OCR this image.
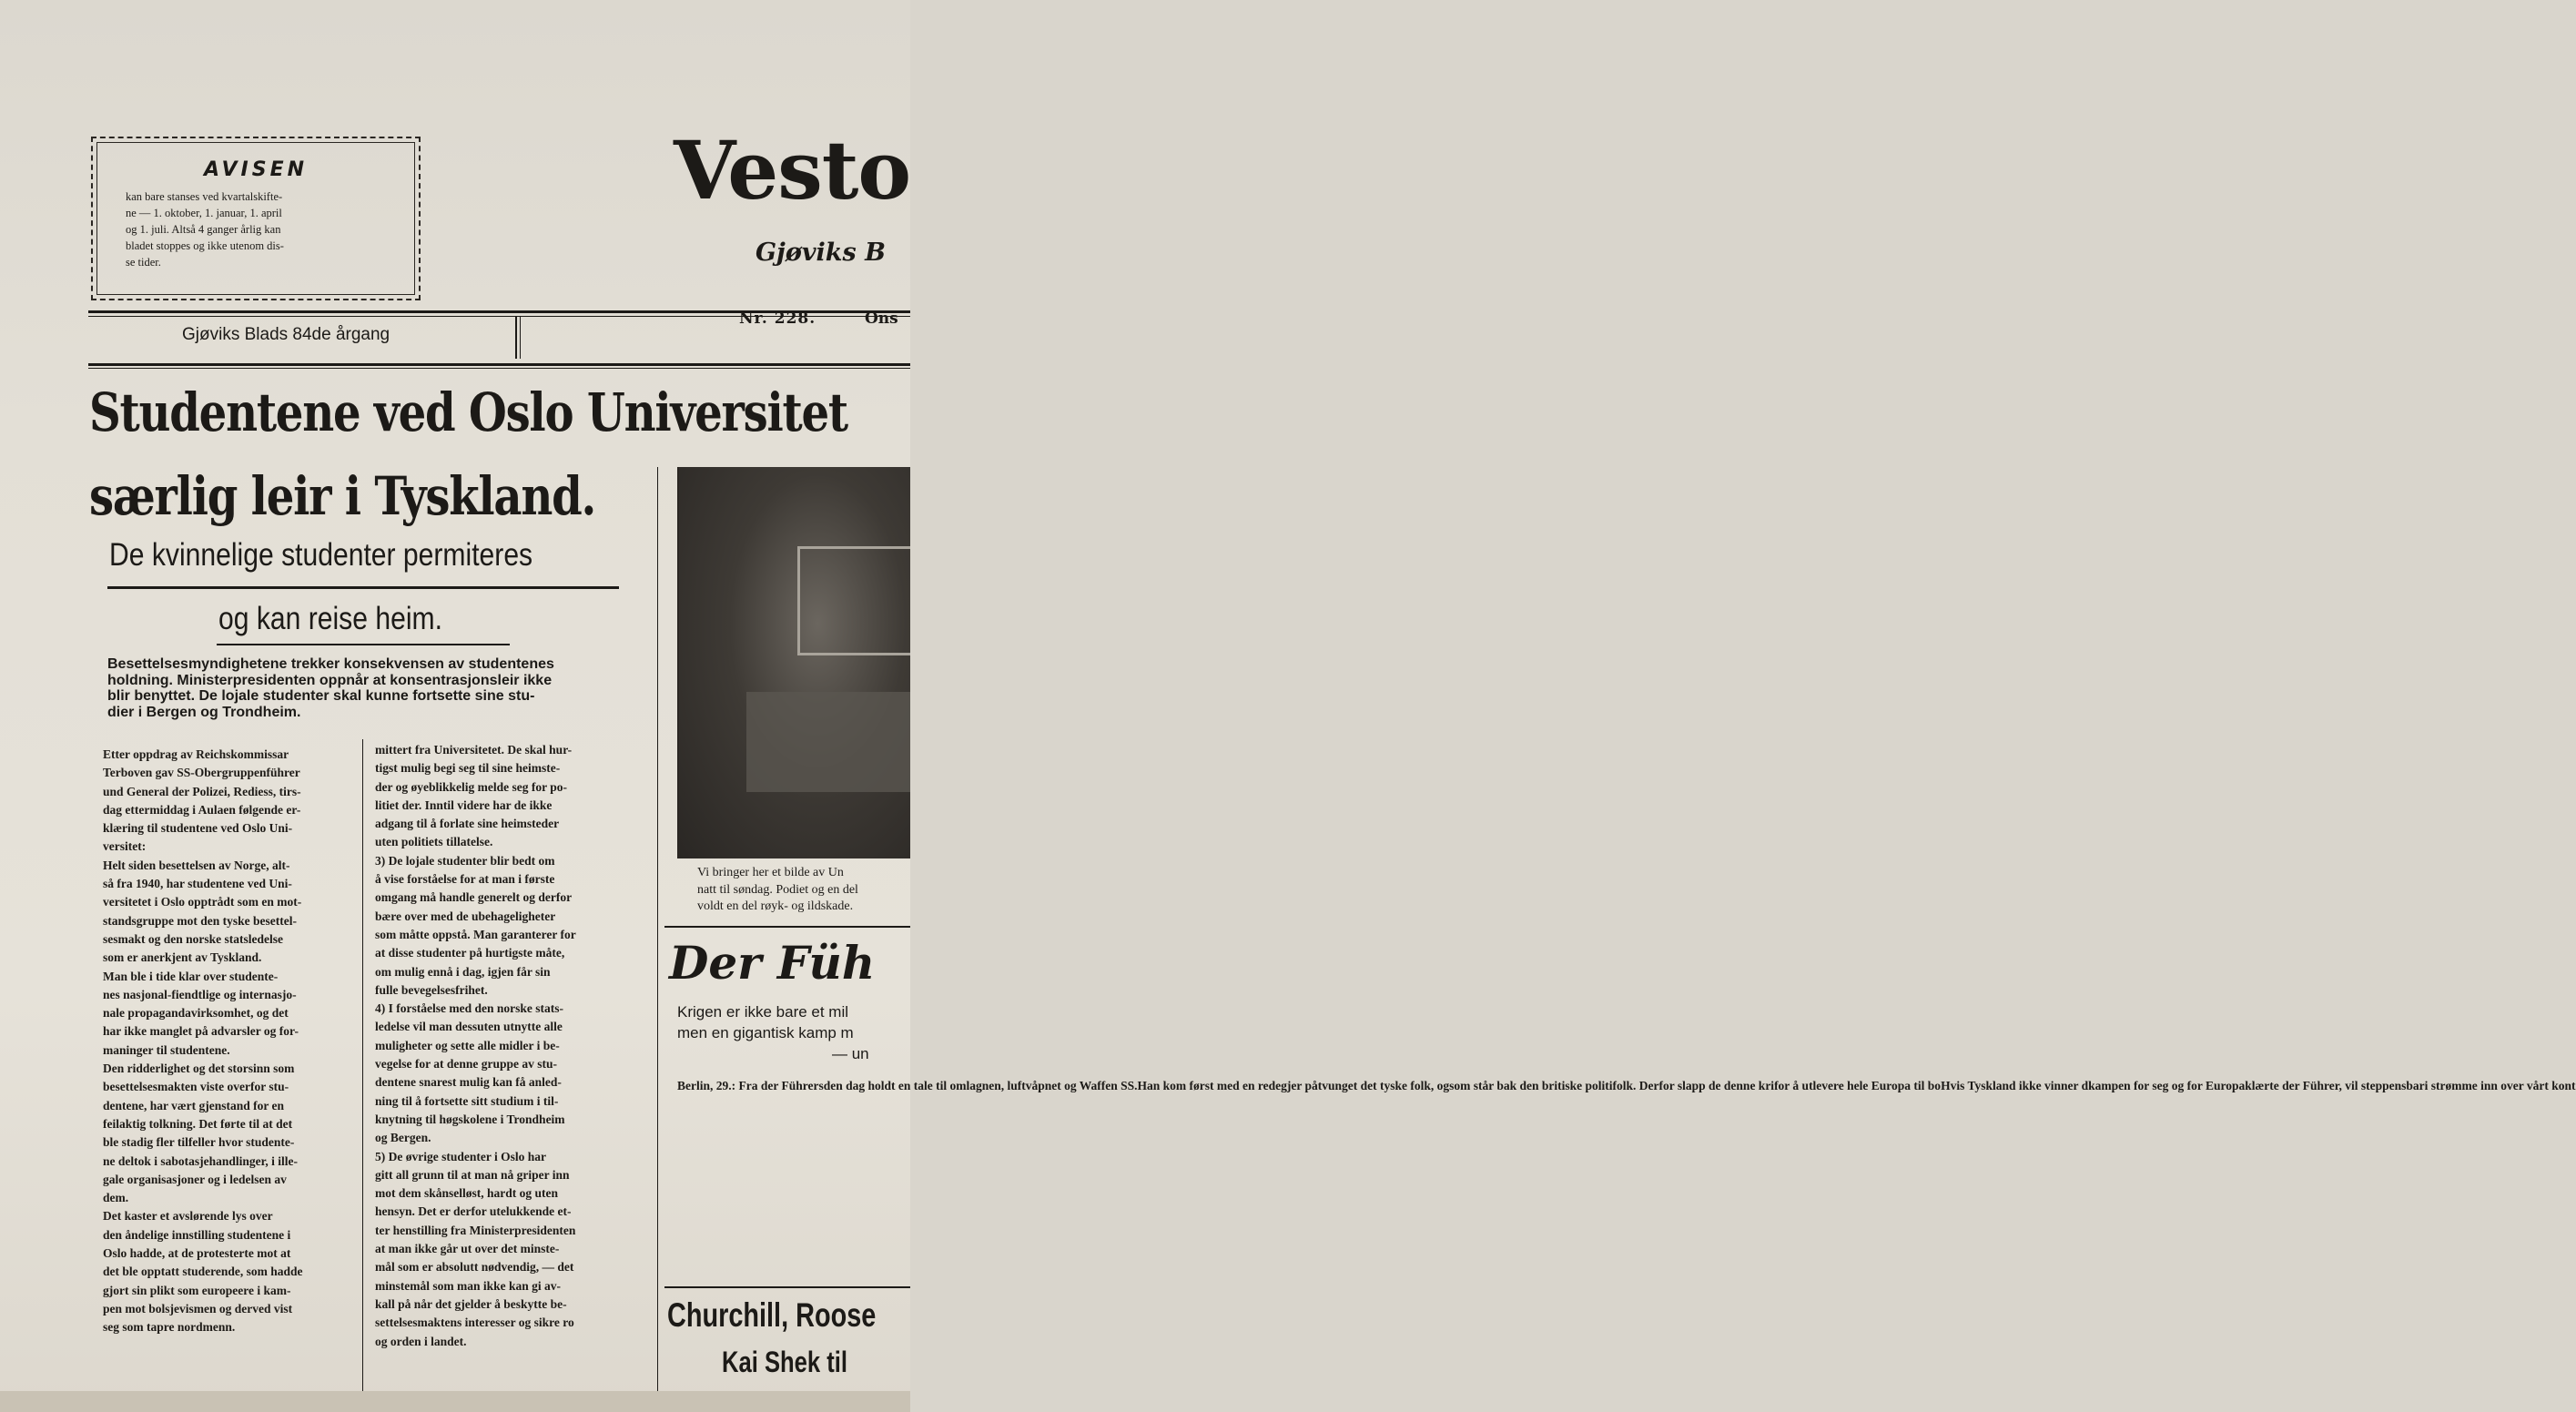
AVISEN
kan bare stanses ved kvartalskifte-
ne — 1. oktober, 1. januar, 1. april
og 1. juli. Altså 4 ganger årlig kan
bladet stoppes og ikke utenom dis-
se tider.
Vesto
Gjøviks B
Gjøviks Blads 84de årgang
Nr. 228.	Ons
Studentene ved Oslo Universitet
særlig leir i Tyskland.
De kvinnelige studenter permiteres
og kan reise heim.
Besettelsesmyndighetene trekker konsekvensen av studentenes
holdning. Ministerpresidenten oppnår at konsentrasjonsleir ikke
blir benyttet. De lojale studenter skal kunne fortsette sine stu-
dier i Bergen og Trondheim.
Etter oppdrag av Reichskommissar
Terboven gav SS-Obergruppenführer
und General der Polizei, Rediess, tirs-
dag ettermiddag i Aulaen følgende er-
klæring til studentene ved Oslo Uni-
versitet:
Helt siden besettelsen av Norge, alt-
så fra 1940, har studentene ved Uni-
versitetet i Oslo opptrådt som en mot-
standsgruppe mot den tyske besettel-
sesmakt og den norske statsledelse
som er anerkjent av Tyskland.
Man ble i tide klar over studente-
nes nasjonal-fiendtlige og internasjo-
nale propagandavirksomhet, og det
har ikke manglet på advarsler og for-
maninger til studentene.
Den ridderlighet og det storsinn som
besettelsesmakten viste overfor stu-
dentene, har vært gjenstand for en
feilaktig tolkning. Det førte til at det
ble stadig fler tilfeller hvor studente-
ne deltok i sabotasjehandlinger, i ille-
gale organisasjoner og i ledelsen av
dem.
Det kaster et avslørende lys over
den åndelige innstilling studentene i
Oslo hadde, at de protesterte mot at
det ble opptatt studerende, som hadde
gjort sin plikt som europeere i kam-
pen mot bolsjevismen og derved vist
seg som tapre nordmenn.
mittert fra Universitetet. De skal hur-
tigst mulig begi seg til sine heimste-
der og øyeblikkelig melde seg for po-
litiet der. Inntil videre har de ikke
adgang til å forlate sine heimsteder
uten politiets tillatelse.
3) De lojale studenter blir bedt om
å vise forståelse for at man i første
omgang må handle generelt og derfor
bære over med de ubehageligheter
som måtte oppstå. Man garanterer for
at disse studenter på hurtigste måte,
om mulig ennå i dag, igjen får sin
fulle bevegelsesfrihet.
4) I forståelse med den norske stats-
ledelse vil man dessuten utnytte alle
muligheter og sette alle midler i be-
vegelse for at denne gruppe av stu-
dentene snarest mulig kan få anled-
ning til å fortsette sitt studium i til-
knytning til høgskolene i Trondheim
og Bergen.
5) De øvrige studenter i Oslo har
gitt all grunn til at man nå griper inn
mot dem skånselløst, hardt og uten
hensyn. Det er derfor utelukkende et-
ter henstilling fra Ministerpresidenten
at man ikke går ut over det minste-
mål som er absolutt nødvendig, — det
minstemål som man ikke kan gi av-
kall på når det gjelder å beskytte be-
settelsesmaktens interesser og sikre ro
og orden i landet.
Vi bringer her et bilde av Un
natt til søndag. Podiet og en del
voldt en del røyk- og ildskade.
Der Füh
Krigen er ikke bare et mil
men en gigantisk kamp m
— un
Berlin, 29.: Fra der Führersden dag holdt en tale til omlagnen, luftvåpnet og Waffen SS.Han kom først med en redegjer påtvunget det tyske folk, ogsom står bak den britiske politifolk. Derfor slapp de denne krifor å utlevere hele Europa til boHvis Tyskland ikke vinner dkampen for seg og for Europaklærte der Führer, vil steppensbari strømme inn over vårt kont
Churchill, Roose
Kai Shek til
